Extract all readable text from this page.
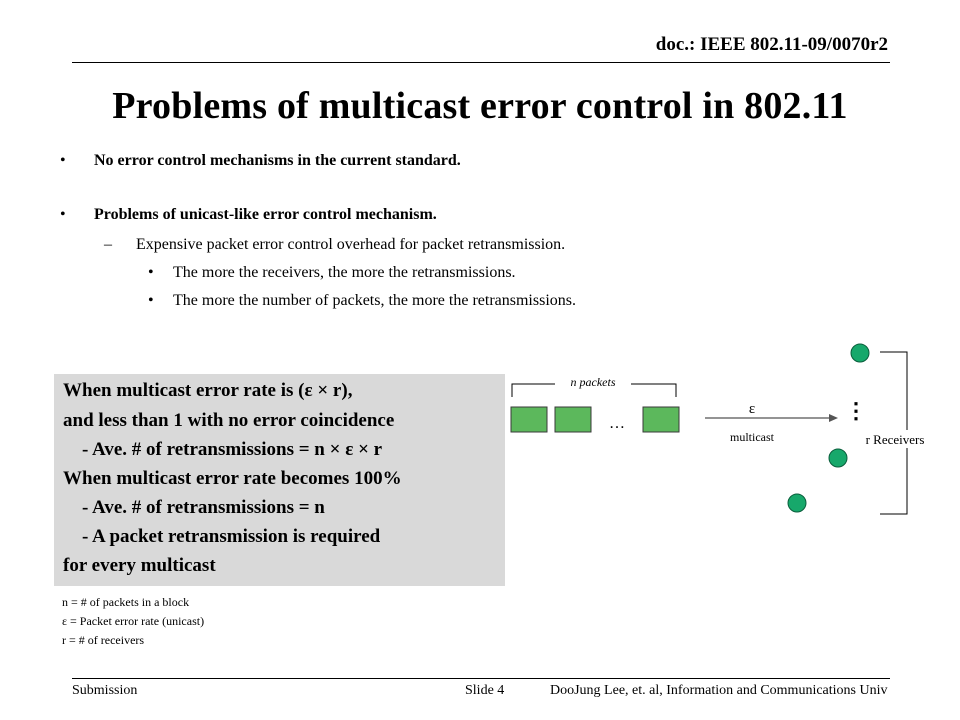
doc.: IEEE 802.11-09/0070r2
Problems of multicast error control in 802.11
• No error control mechanisms in the current standard.
• Problems of unicast-like error control mechanism.
– Expensive packet error control overhead for packet retransmission.
• The more the receivers, the more the retransmissions.
• The more the number of packets, the more the retransmissions.
n packets
…
ε
multicast
⋮
r Receivers
When multicast error rate is (ε × r),
and less than 1 with no error coincidence
- Ave. # of retransmissions = n × ε × r
When multicast error rate becomes 100%
- Ave. # of retransmissions = n
- A packet retransmission is required
for every multicast
n = # of packets in a block
ε = Packet error rate (unicast)
r = # of receivers
Submission	Slide 4	DooJung Lee, et. al, Information and Communications Univ
